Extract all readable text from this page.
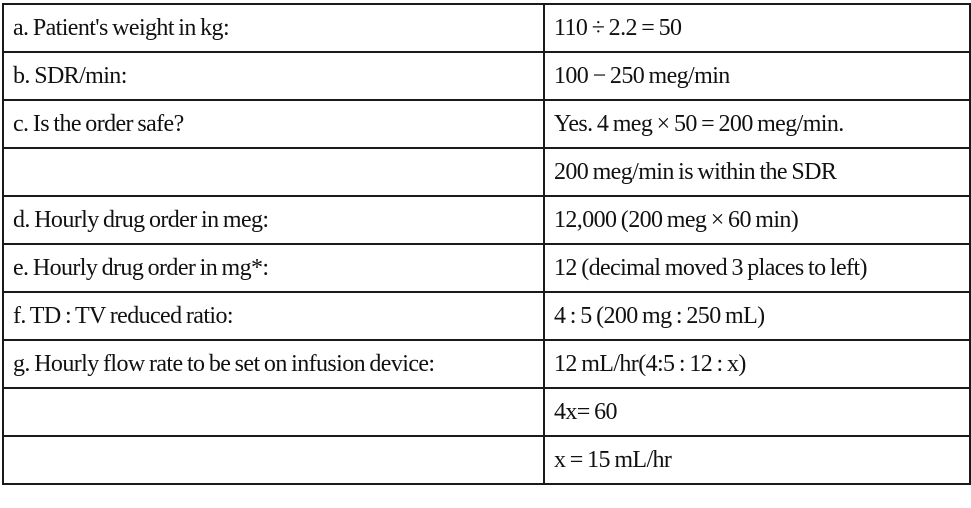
a. Patient's weight in kg:	110 ÷ 2.2 = 50
b. SDR/min:	100 − 250 meg/min
c. Is the order safe?	Yes. 4 meg × 50 = 200 meg/min.
	200 meg/min is within the SDR
d. Hourly drug order in meg:	12,000 (200 meg × 60 min)
e. Hourly drug order in mg*:	12 (decimal moved 3 places to left)
f. TD : TV reduced ratio:	4 : 5 (200 mg : 250 mL)
g. Hourly flow rate to be set on infusion device:	12 mL/hr(4:5 : 12 : x)
	4x= 60
	x = 15 mL/hr
